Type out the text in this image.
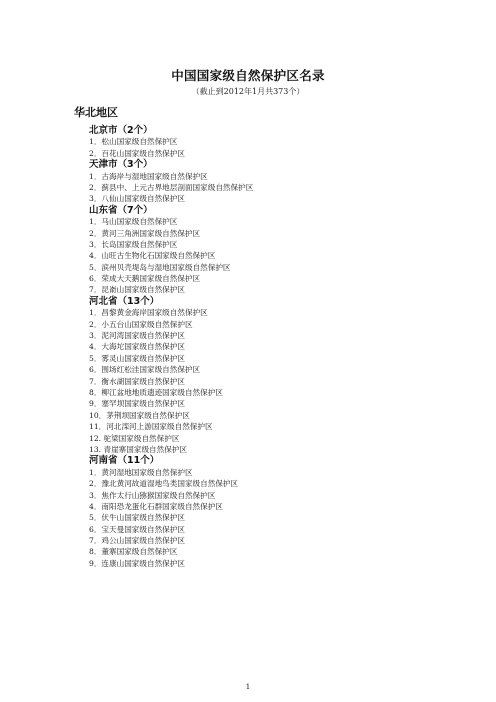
中国国家级自然保护区名录
（截止到2012年1月共373个）
华北地区
北京市（2个）
1．松山国家级自然保护区
2．百花山国家级自然保护区
天津市（3个）
1．古海岸与湿地国家级自然保护区
2．蓟县中、上元古界地层剖面国家级自然保护区
3．八仙山国家级自然保护区
山东省（7个）
1．马山国家级自然保护区
2．黄河三角洲国家级自然保护区
3．长岛国家级自然保护区
4．山旺古生物化石国家级自然保护区
5．滨州贝壳堤岛与湿地国家级自然保护区
6．荣成大天鹅国家级自然保护区
7．昆嵛山国家级自然保护区
河北省（13个）
1．昌黎黄金海岸国家级自然保护区
2．小五台山国家级自然保护区
3．泥河湾国家级自然保护区
4．大海坨国家级自然保护区
5．雾灵山国家级自然保护区
6．围场红松洼国家级自然保护区
7．衡水湖国家级自然保护区
8．柳江盆地地质遗迹国家级自然保护区
9．塞罕坝国家级自然保护区
10．茅荆坝国家级自然保护区
11．河北滦河上游国家级自然保护区
12. 驼梁国家级自然保护区
13. 青崖寨国家级自然保护区
河南省（11个）
1．黄河湿地国家级自然保护区
2．豫北黄河故道湿地鸟类国家级自然保护区
3．焦作太行山猕猴国家级自然保护区
4．南阳恐龙蛋化石群国家级自然保护区
5．伏牛山国家级自然保护区
6．宝天曼国家级自然保护区
7．鸡公山国家级自然保护区
8．董寨国家级自然保护区
9．连康山国家级自然保护区
1
